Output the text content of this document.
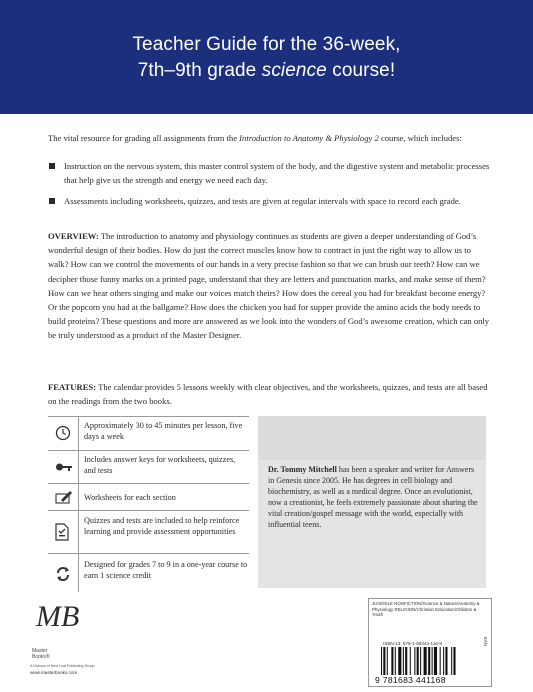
Teacher Guide for the 36-week,
7th–9th grade science course!
The vital resource for grading all assignments from the Introduction to Anatomy & Physiology 2 course, which includes:
Instruction on the nervous system, this master control system of the body, and the digestive system and metabolic processes that help give us the strength and energy we need each day.
Assessments including worksheets, quizzes, and tests are given at regular intervals with space to record each grade.
OVERVIEW: The introduction to anatomy and physiology continues as students are given a deeper understanding of God’s wonderful design of their bodies. How do just the correct muscles know how to contract in just the right way to allow us to walk? How can we control the movements of our hands in a very precise fashion so that we can brush our teeth? How can we decipher those funny marks on a printed page, understand that they are letters and punctuation marks, and make sense of them? How can we hear others singing and make our voices match theirs? How does the cereal you had for breakfast become energy? Or the popcorn you had at the ballgame? How does the chicken you had for supper provide the amino acids the body needs to build proteins? These questions and more are answered as we look into the wonders of God’s awesome creation, which can only be truly understood as a product of the Master Designer.
FEATURES: The calendar provides 5 lessons weekly with clear objectives, and the worksheets, quizzes, and tests are all based on the readings from the two books.
Approximately 30 to 45 minutes per lesson, five days a week
Includes answer keys for worksheets, quizzes, and tests
Worksheets for each section
Quizzes and tests are included to help reinforce learning and provide assessment opportunities
Designed for grades 7 to 9 in a one-year course to earn 1 science credit
Dr. Tommy Mitchell has been a speaker and writer for Answers in Genesis since 2005. He has degrees in cell biology and biochemistry, as well as a medical degree. Once an evolutionist, now a creationist, he feels extremely passionate about sharing the vital creation/gospel message with the world, especially with influential teens.
MB
Master
Books®
A Division of New Leaf Publishing Group
www.masterbooks.com
JUVENILE NONFICTION/Science & Nature/Anatomy & Physiology RELIGION/Christian Education/Children & Youth
ISBN-13: 978-1-68344-116-8	EAN
9 781683 441168
